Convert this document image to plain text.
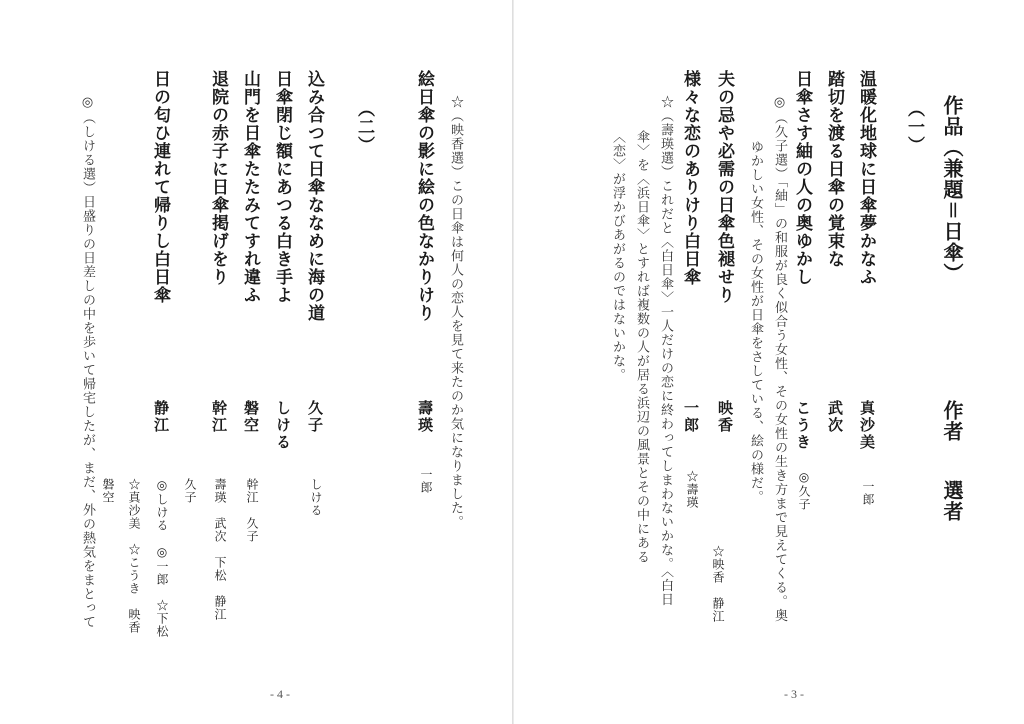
絵日傘の影に絵の色なかりけり
壽瑛
一郎 ☆（映香選）この日傘は何人の恋人を見て来たのか気になりました。
（二）
込み合つて日傘ななめに海の道
久子
しける
日傘閉じ額にあつる白き手よ
しける
山門を日傘たたみてすれ違ふ
磐空
幹江　久子
退院の赤子に日傘掲げをり
幹江
壽瑛　武次　下松　静江
日の匂ひ連れて帰りし白日傘
静江
久子
◎しける　◎一郎　☆下松
☆真沙美　☆こうき　映香
磐空
◎（しける選）日盛りの日差しの中を歩いて帰宅したが、まだ、外の熱気をまとって
- 4 -
作品（兼題＝日傘）
作者
選者
（一）
温暖化地球に日傘夢かなふ
真沙美
一郎
踏切を渡る日傘の覚束な
武次
日傘さす紬の人の奥ゆかし
こうき
◎久子
◎（久子選）「紬」の和服が良く似合う女性、その女性の生き方まで見えてくる。奥
ゆかしい女性、その女性が日傘をさしている、絵の様だ。
夫の忌や必需の日傘色褪せり
映香
様々な恋のありけり白日傘
一郎
☆壽瑛
☆映香　静江
☆（壽瑛選）これだと〈白日傘〉一人だけの恋に終わってしまわないかな。〈白日
傘〉を〈浜日傘〉とすれば複数の人が居る浜辺の風景とその中にある
〈恋〉が浮かびあがるのではないかな。
- 3 -
